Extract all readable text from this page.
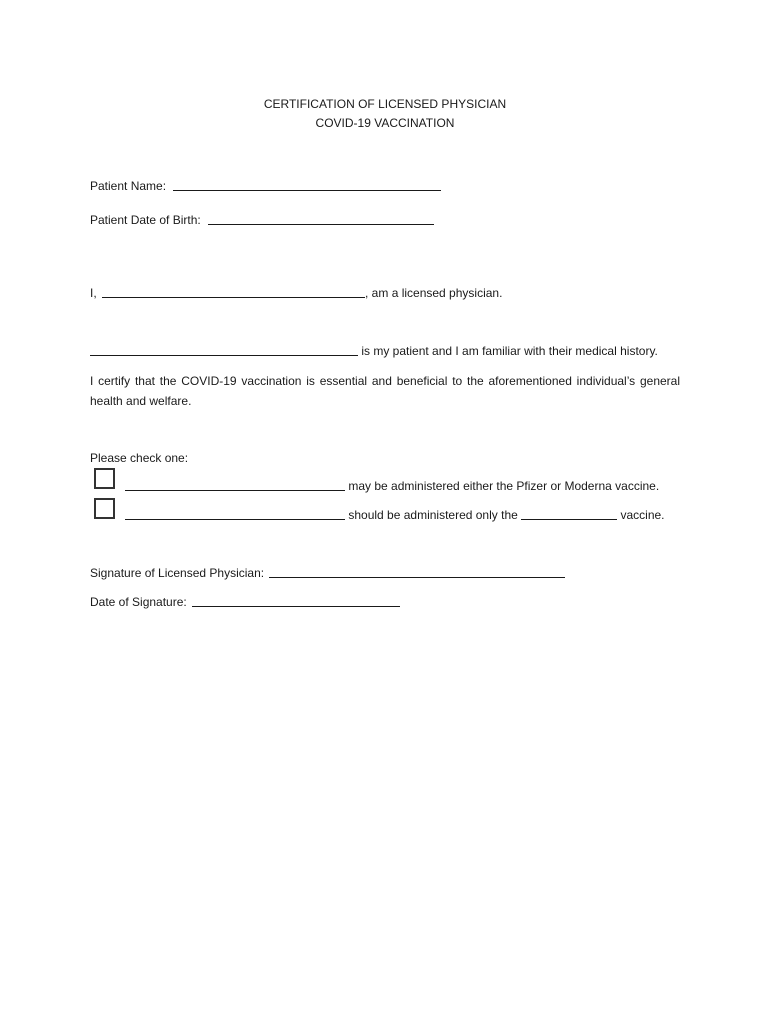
CERTIFICATION OF LICENSED PHYSICIAN
COVID-19 VACCINATION
Patient Name:
Patient Date of Birth:
I,	, am a licensed physician.
is my patient and I am familiar with their medical history.
I certify that the COVID-19 vaccination is essential and beneficial to the aforementioned individual’s general health and welfare.
Please check one:
may be administered either the Pfizer or Moderna vaccine.
should be administered only the	vaccine.
Signature of Licensed Physician:
Date of Signature:
